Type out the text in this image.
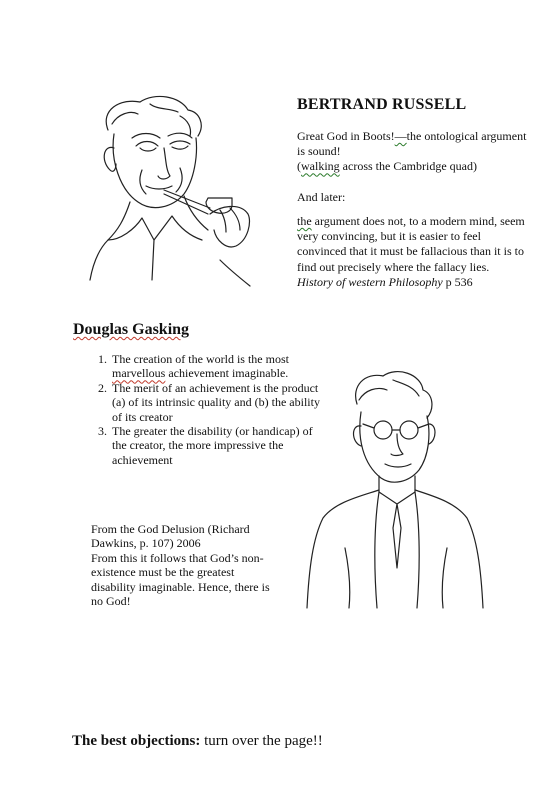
BERTRAND RUSSELL
Great God in Boots!—the ontological argument is sound!
(walking across the Cambridge quad)
And later:
the argument does not, to a modern mind, seem very convincing, but it is easier to feel convinced that it must be fallacious than it is to find out precisely where the fallacy lies.
History of western Philosophy p 536
Douglas Gasking
1. The creation of the world is the most marvellous achievement imaginable.
2. The merit of an achievement is the product (a) of its intrinsic quality and (b) the ability of its creator
3. The greater the disability (or handicap) of the creator, the more impressive the achievement
From the God Delusion (Richard Dawkins, p. 107) 2006
From this it follows that God’s non-existence must be the greatest disability imaginable. Hence, there is no God!
The best objections: turn over the page!!
